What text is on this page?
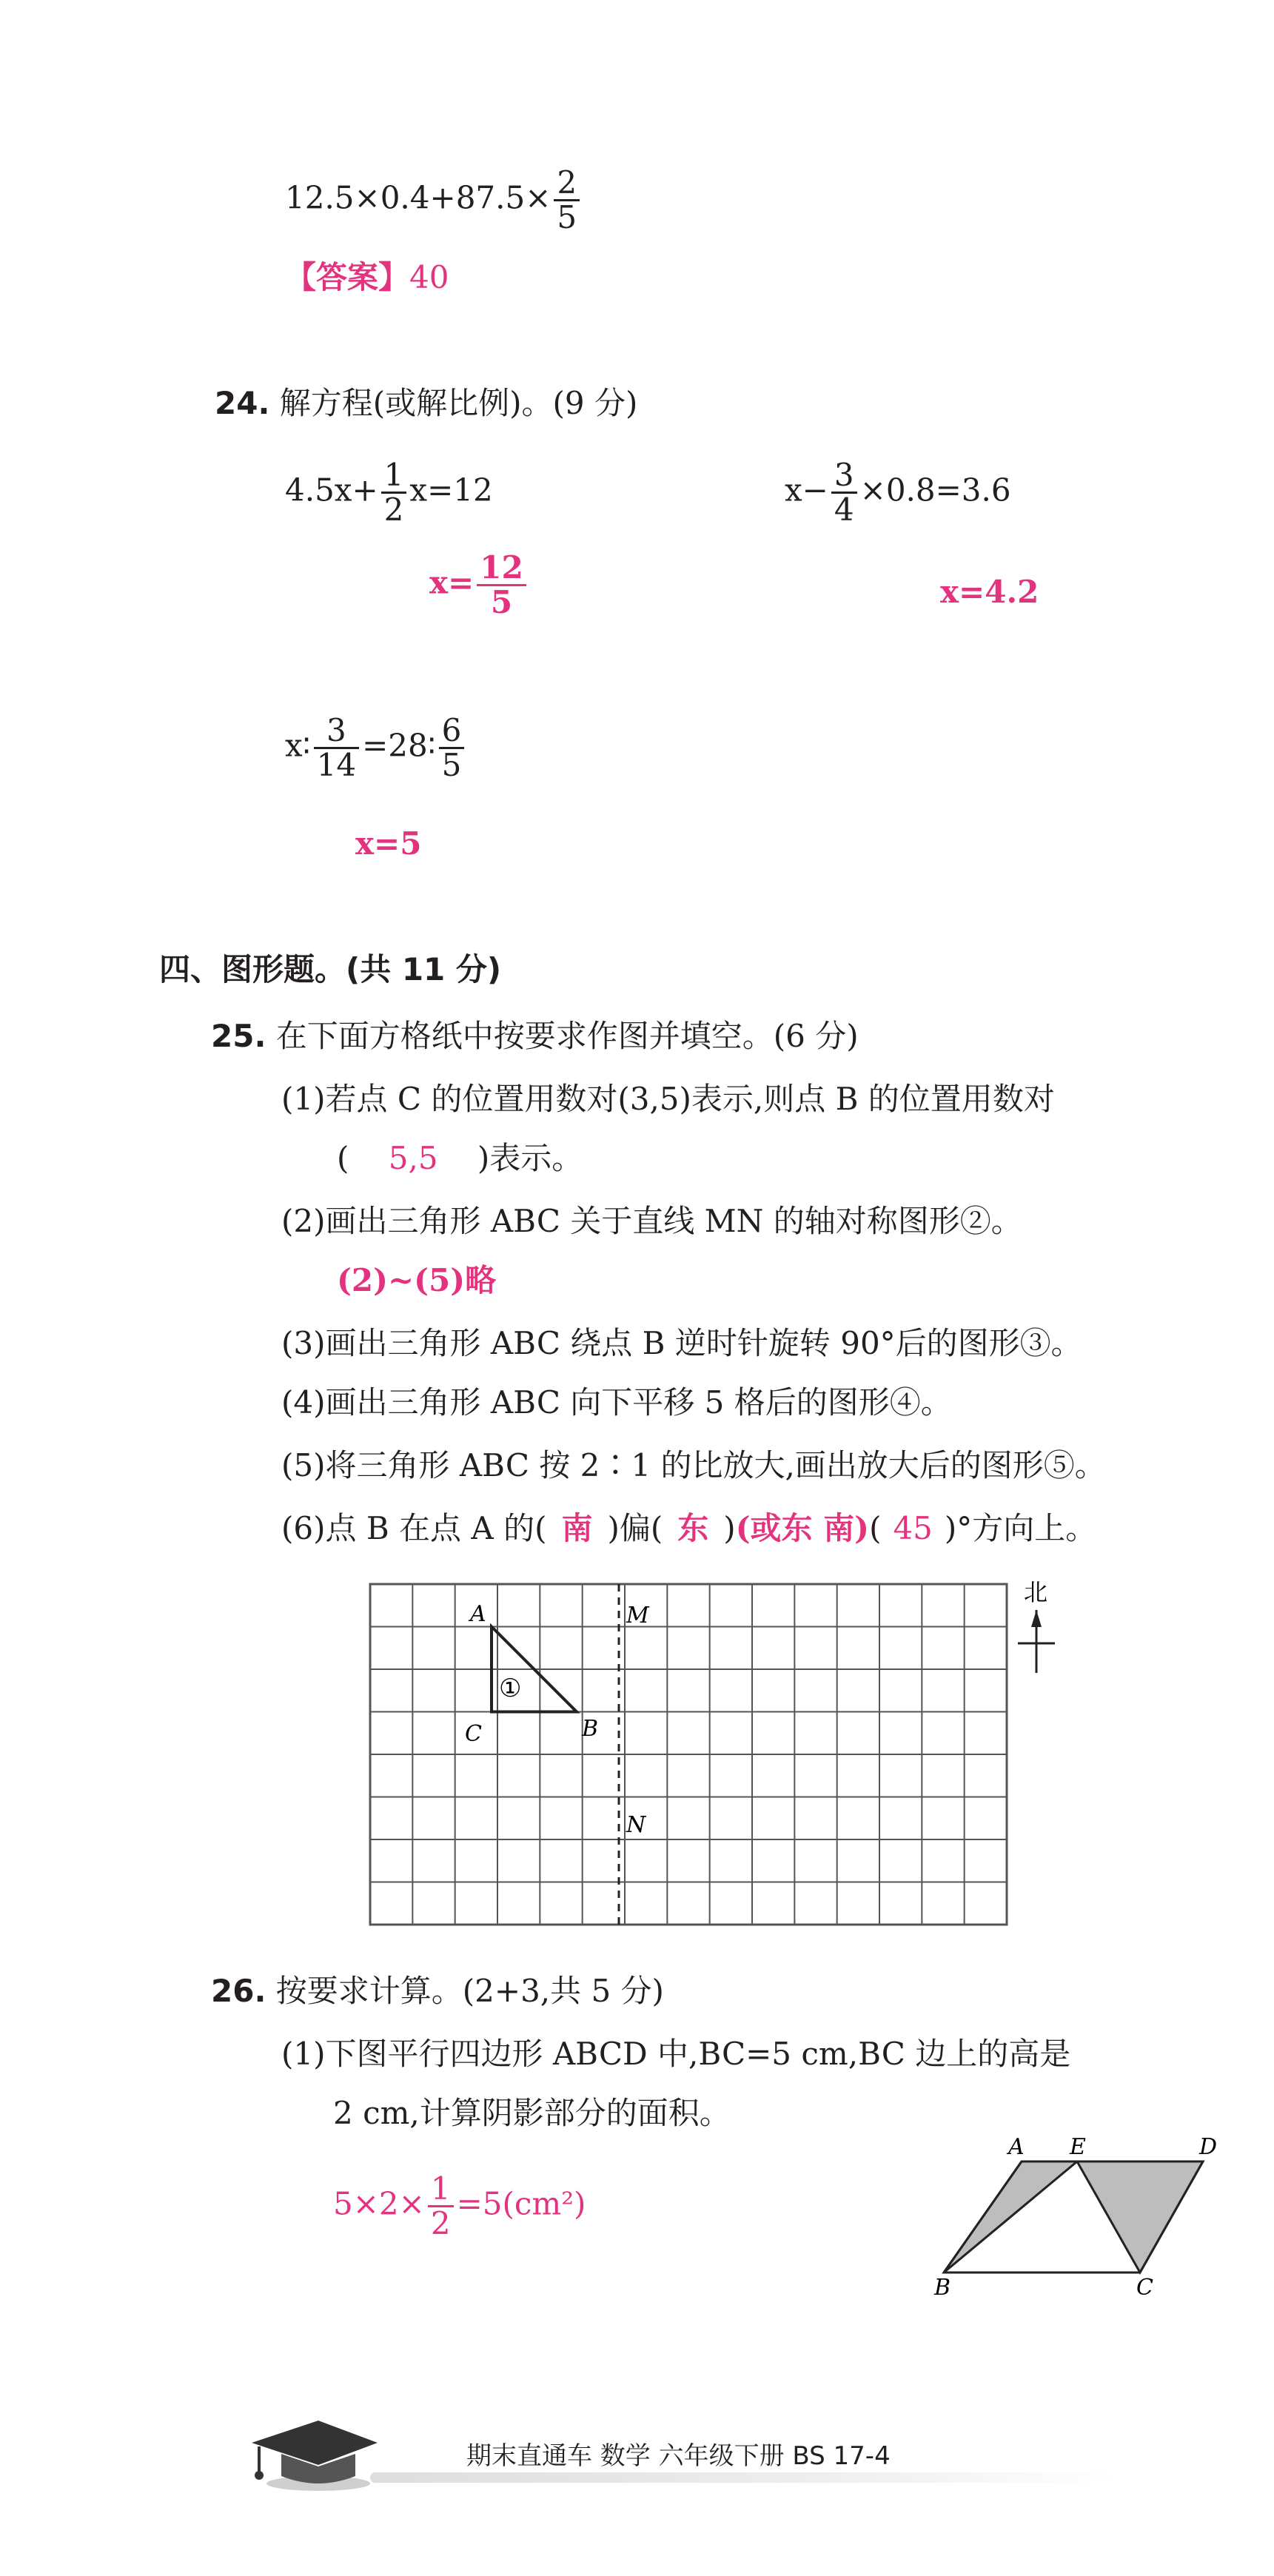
$12.5\times 0.4+87.5\times \frac{2}{5}$
【答案】40
24. 解方程(或解比例)。(9 分)
$4.5x+ \frac{1}{2} x=12$
$x= \frac{12}{5}$
$x- \frac{3}{4} \times 0.8=3.6$
x=4.2
x∶ $\frac{3}{14}$ =28∶ $\frac{6}{5}$
x=5
四、图形题。(共 11 分)
25. 在下面方格纸中按要求作图并填空。(6 分)
(1)若点 C 的位置用数对(3,5)表示,则点 B 的位置用数对
( 5,5 )表示。
(2)画出三角形 ABC 关于直线 MN 的轴对称图形②。
(2)~(5)略
(3)画出三角形 ABC 绕点 B 逆时针旋转 90°后的图形③。
(4)画出三角形 ABC 向下平移 5 格后的图形④。
(5)将三角形 ABC 按 2∶1 的比放大,画出放大后的图形⑤。
(6)点 B 在点 A 的( 南 )偏( 东 )(或东 南)( 45 )°方向上。
A
B
C
M
N
①
北
26. 按要求计算。(2+3,共 5 分)
(1)下图平行四边形 ABCD 中,BC=5 cm,BC 边上的高是
2 cm,计算阴影部分的面积。
$5\times 2\times \frac{1}{2} =5(cm^2)$
A E	D
B	C
期末直通车 数学 六年级下册 BS 17-4
